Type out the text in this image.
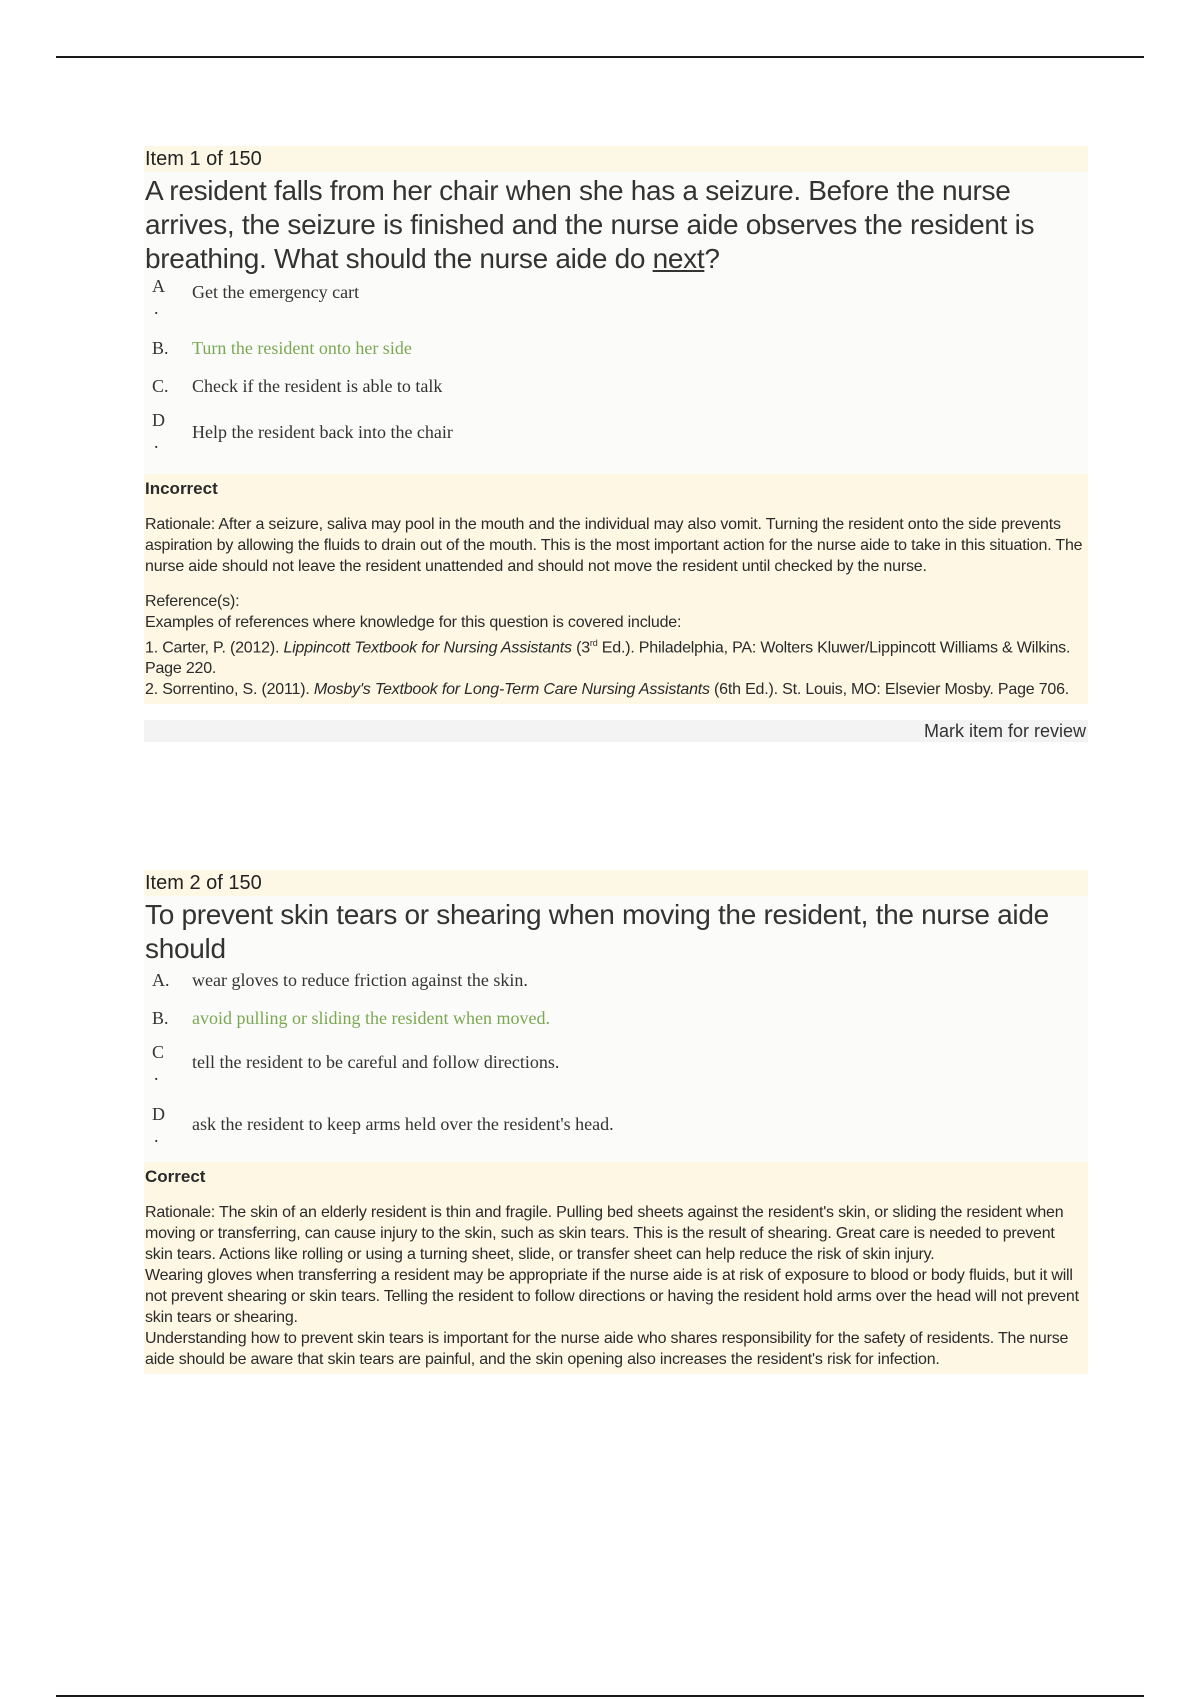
Item 1 of 150

A resident falls from her chair when she has a seizure. Before the nurse arrives, the seizure is finished and the nurse aide observes the resident is breathing. What should the nurse aide do next?

A
.
Get the emergency cart
B. Turn the resident onto her side
C. Check if the resident is able to talk
D
. Help the resident back into the chair
Incorrect
Rationale: After a seizure, saliva may pool in the mouth and the individual may also vomit. Turning the resident onto the side prevents aspiration by allowing the fluids to drain out of the mouth. This is the most important action for the nurse aide to take in this situation. The nurse aide should not leave the resident unattended and should not move the resident until checked by the nurse.
Reference(s):
Examples of references where knowledge for this question is covered include:
1. Carter, P. (2012). Lippincott Textbook for Nursing Assistants (3rd Ed.). Philadelphia, PA: Wolters Kluwer/Lippincott Williams & Wilkins. Page 220.
2. Sorrentino, S. (2011). Mosby's Textbook for Long-Term Care Nursing Assistants (6th Ed.). St. Louis, MO: Elsevier Mosby. Page 706.
Mark item for review
Item 2 of 150

To prevent skin tears or shearing when moving the resident, the nurse aide should

A. wear gloves to reduce friction against the skin.
B. avoid pulling or sliding the resident when moved.
C
.
tell the resident to be careful and follow directions.
D
.
ask the resident to keep arms held over the resident's head.
Correct
Rationale: The skin of an elderly resident is thin and fragile. Pulling bed sheets against the resident's skin, or sliding the resident when moving or transferring, can cause injury to the skin, such as skin tears. This is the result of shearing. Great care is needed to prevent skin tears. Actions like rolling or using a turning sheet, slide, or transfer sheet can help reduce the risk of skin injury.
Wearing gloves when transferring a resident may be appropriate if the nurse aide is at risk of exposure to blood or body fluids, but it will not prevent shearing or skin tears. Telling the resident to follow directions or having the resident hold arms over the head will not prevent skin tears or shearing.
Understanding how to prevent skin tears is important for the nurse aide who shares responsibility for the safety of residents. The nurse aide should be aware that skin tears are painful, and the skin opening also increases the resident's risk for infection.
